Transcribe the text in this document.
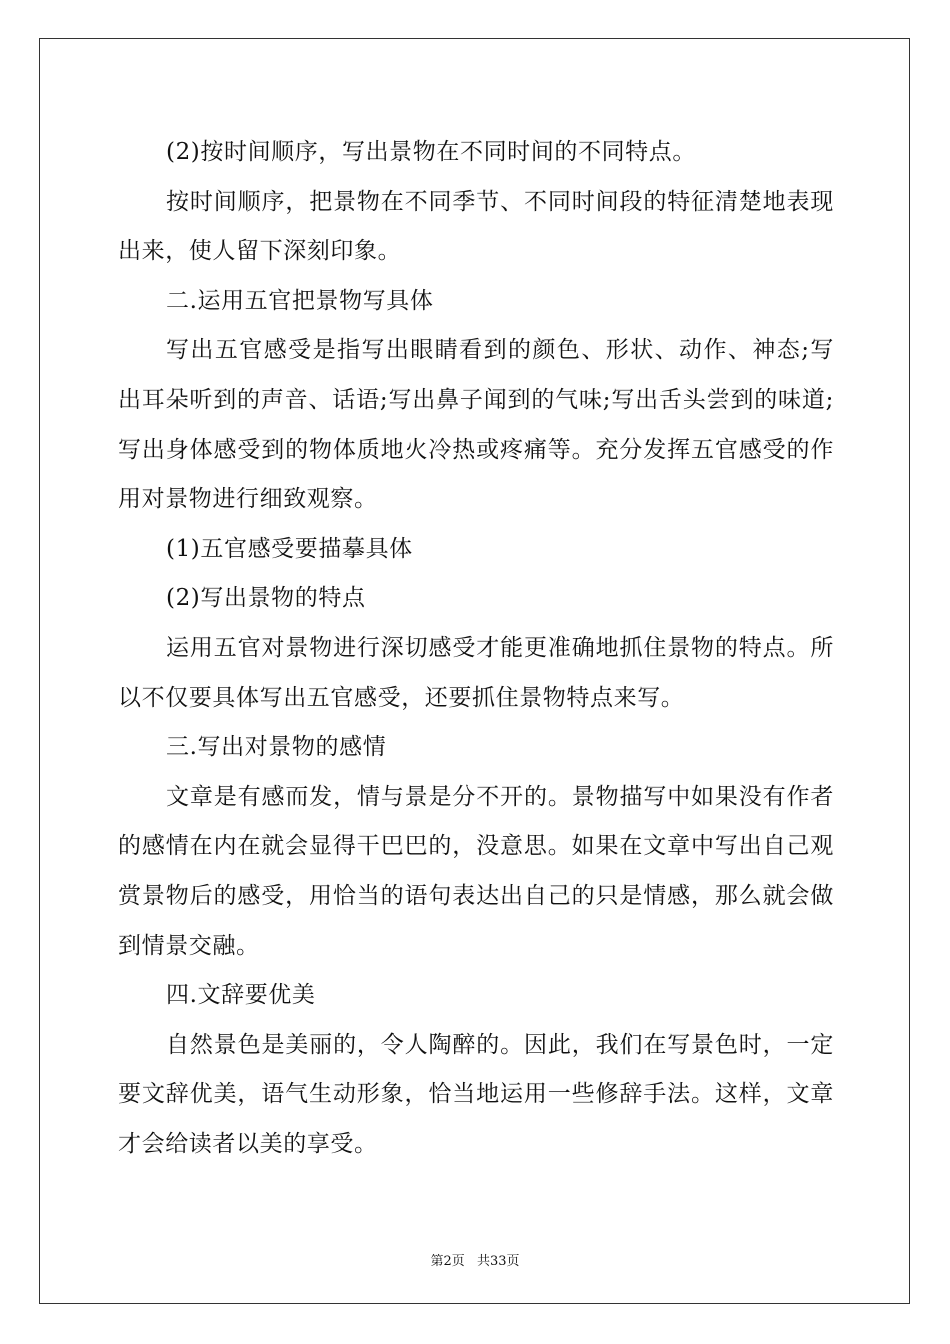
(2)按时间顺序，写出景物在不同时间的不同特点。

按时间顺序，把景物在不同季节、不同时间段的特征清楚地表现出来，使人留下深刻印象。

二.运用五官把景物写具体

写出五官感受是指写出眼睛看到的颜色、形状、动作、神态;写出耳朵听到的声音、话语;写出鼻子闻到的气味;写出舌头尝到的味道;写出身体感受到的物体质地火冷热或疼痛等。充分发挥五官感受的作用对景物进行细致观察。

(1)五官感受要描摹具体

(2)写出景物的特点

运用五官对景物进行深切感受才能更准确地抓住景物的特点。所以不仅要具体写出五官感受，还要抓住景物特点来写。

三.写出对景物的感情

文章是有感而发，情与景是分不开的。景物描写中如果没有作者的感情在内在就会显得干巴巴的，没意思。如果在文章中写出自己观赏景物后的感受，用恰当的语句表达出自己的只是情感，那么就会做到情景交融。

四.文辞要优美

自然景色是美丽的，令人陶醉的。因此，我们在写景色时，一定要文辞优美，语气生动形象，恰当地运用一些修辞手法。这样，文章才会给读者以美的享受。

第2页 共33页
